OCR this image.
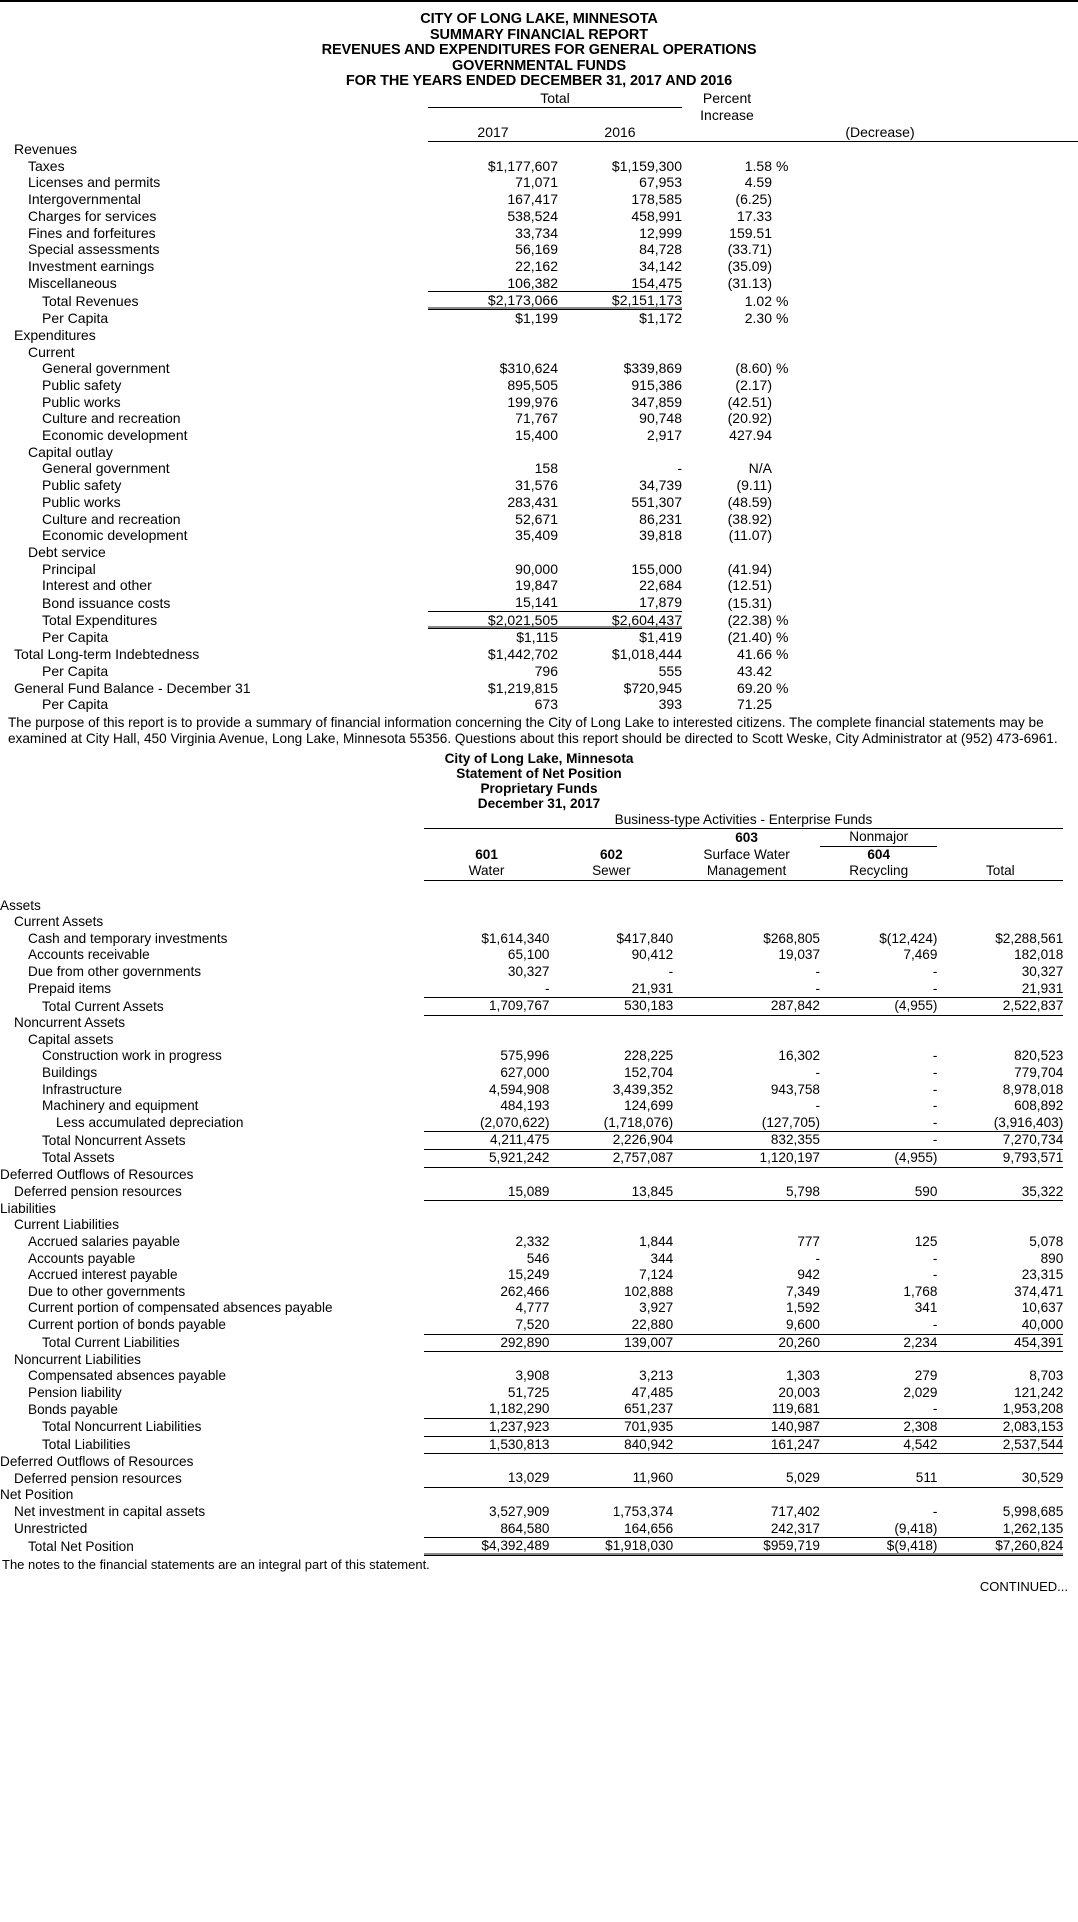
CITY OF LONG LAKE, MINNESOTA
SUMMARY FINANCIAL REPORT
REVENUES AND EXPENDITURES FOR GENERAL OPERATIONS
GOVERNMENTAL FUNDS
FOR THE YEARS ENDED DECEMBER 31, 2017 AND 2016
	Total		Percent	
			Increase	
	2017	2016	(Decrease)	
Revenues				
Taxes	$1,177,607	$1,159,300	1.58	%
Licenses and permits	71,071	67,953	4.59	
Intergovernmental	167,417	178,585	(6.25)	
Charges for services	538,524	458,991	17.33	
Fines and forfeitures	33,734	12,999	159.51	
Special assessments	56,169	84,728	(33.71)	
Investment earnings	22,162	34,142	(35.09)	
Miscellaneous	106,382	154,475	(31.13)	
Total Revenues	$2,173,066	$2,151,173	1.02	%
Per Capita	$1,199	$1,172	2.30	%
Expenditures				
Current				
General government	$310,624	$339,869	(8.60)	%
Public safety	895,505	915,386	(2.17)	
Public works	199,976	347,859	(42.51)	
Culture and recreation	71,767	90,748	(20.92)	
Economic development	15,400	2,917	427.94	
Capital outlay				
General government	158	-	N/A	
Public safety	31,576	34,739	(9.11)	
Public works	283,431	551,307	(48.59)	
Culture and recreation	52,671	86,231	(38.92)	
Economic development	35,409	39,818	(11.07)	
Debt service				
Principal	90,000	155,000	(41.94)	
Interest and other	19,847	22,684	(12.51)	
Bond issuance costs	15,141	17,879	(15.31)	
Total Expenditures	$2,021,505	$2,604,437	(22.38)	%
Per Capita	$1,115	$1,419	(21.40)	%
Total Long-term Indebtedness	$1,442,702	$1,018,444	41.66	%
Per Capita	796	555	43.42	
General Fund Balance - December 31	$1,219,815	$720,945	69.20	%
Per Capita	673	393	71.25	
The purpose of this report is to provide a summary of financial information concerning the City of Long Lake to interested citizens. The complete financial statements may be examined at City Hall, 450 Virginia Avenue, Long Lake, Minnesota 55356. Questions about this report should be directed to Scott Weske, City Administrator at (952) 473-6961.
City of Long Lake, Minnesota
Statement of Net Position
Proprietary Funds
December 31, 2017
	Business-type Activities - Enterprise Funds					
			603	Nonmajor		
	601	602	Surface Water	604		
	Water	Sewer	Management	Recycling	Total	

Assets						
Current Assets						
Cash and temporary investments	$1,614,340	$417,840	$268,805	$(12,424)	$2,288,561	
Accounts receivable	65,100	90,412	19,037	7,469	182,018	
Due from other governments	30,327	-	-	-	30,327	
Prepaid items	-	21,931	-	-	21,931	
Total Current Assets	1,709,767	530,183	287,842	(4,955)	2,522,837	
Noncurrent Assets						
Capital assets						
Construction work in progress	575,996	228,225	16,302	-	820,523	
Buildings	627,000	152,704	-	-	779,704	
Infrastructure	4,594,908	3,439,352	943,758	-	8,978,018	
Machinery and equipment	484,193	124,699	-	-	608,892	
Less accumulated depreciation	(2,070,622)	(1,718,076)	(127,705)	-	(3,916,403)	
Total Noncurrent Assets	4,211,475	2,226,904	832,355	-	7,270,734	
Total Assets	5,921,242	2,757,087	1,120,197	(4,955)	9,793,571	
Deferred Outflows of Resources						
Deferred pension resources	15,089	13,845	5,798	590	35,322	
Liabilities						
Current Liabilities						
Accrued salaries payable	2,332	1,844	777	125	5,078	
Accounts payable	546	344	-	-	890	
Accrued interest payable	15,249	7,124	942	-	23,315	
Due to other governments	262,466	102,888	7,349	1,768	374,471	
Current portion of compensated absences payable	4,777	3,927	1,592	341	10,637	
Current portion of bonds payable	7,520	22,880	9,600	-	40,000	
Total Current Liabilities	292,890	139,007	20,260	2,234	454,391	
Noncurrent Liabilities						
Compensated absences payable	3,908	3,213	1,303	279	8,703	
Pension liability	51,725	47,485	20,003	2,029	121,242	
Bonds payable	1,182,290	651,237	119,681	-	1,953,208	
Total Noncurrent Liabilities	1,237,923	701,935	140,987	2,308	2,083,153	
Total Liabilities	1,530,813	840,942	161,247	4,542	2,537,544	
Deferred Outflows of Resources						
Deferred pension resources	13,029	11,960	5,029	511	30,529	
Net Position						
Net investment in capital assets	3,527,909	1,753,374	717,402	-	5,998,685	
Unrestricted	864,580	164,656	242,317	(9,418)	1,262,135	
Total Net Position	$4,392,489	$1,918,030	$959,719	$(9,418)	$7,260,824	
The notes to the financial statements are an integral part of this statement.
CONTINUED...
